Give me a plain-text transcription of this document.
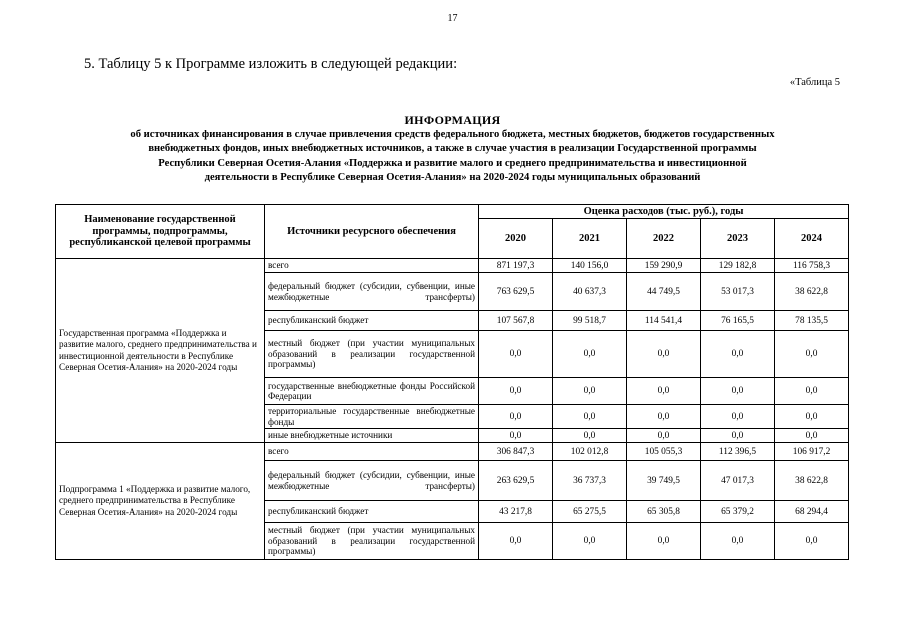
17
5. Таблицу 5 к Программе изложить в следующей редакции:
«Таблица 5
ИНФОРМАЦИЯ
об источниках финансирования в случае привлечения средств федерального бюджета, местных бюджетов, бюджетов государственных
внебюджетных фондов, иных внебюджетных источников, а также в случае участия в реализации Государственной программы
Республики Северная Осетия-Алания «Поддержка и развитие малого и среднего предпринимательства и инвестиционной
деятельности в Республике Северная Осетия-Алания» на 2020-2024 годы муниципальных образований
Наименование государственной программы, подпрограммы, республиканской целевой программы	Источники ресурсного обеспечения	Оценка расходов (тыс. руб.), годы				
		2020	2021	2022	2023	2024
Государственная программа «Поддержка и развитие малого, среднего предпринимательства и инвестиционной деятельности в Республике Северная Осетия-Алания» на 2020-2024 годы	всего	871 197,3	140 156,0	159 290,9	129 182,8	116 758,3
	федеральный бюджет (субсидии, субвенции, иные межбюджетные трансферты)	763 629,5	40 637,3	44 749,5	53 017,3	38 622,8
	республиканский бюджет	107 567,8	99 518,7	114 541,4	76 165,5	78 135,5
	местный бюджет (при участии муниципальных образований в реализации государственной программы)	0,0	0,0	0,0	0,0	0,0
	государственные внебюджетные фонды Российской Федерации	0,0	0,0	0,0	0,0	0,0
	территориальные государственные внебюджетные фонды	0,0	0,0	0,0	0,0	0,0
	иные внебюджетные источники	0,0	0,0	0,0	0,0	0,0
Подпрограмма 1 «Поддержка и развитие малого, среднего предпринимательства в Республике Северная Осетия-Алания» на 2020-2024 годы	всего	306 847,3	102 012,8	105 055,3	112 396,5	106 917,2
	федеральный бюджет (субсидии, субвенции, иные межбюджетные трансферты)	263 629,5	36 737,3	39 749,5	47 017,3	38 622,8
	республиканский бюджет	43 217,8	65 275,5	65 305,8	65 379,2	68 294,4
	местный бюджет (при участии муниципальных образований в реализации государственной программы)	0,0	0,0	0,0	0,0	0,0
